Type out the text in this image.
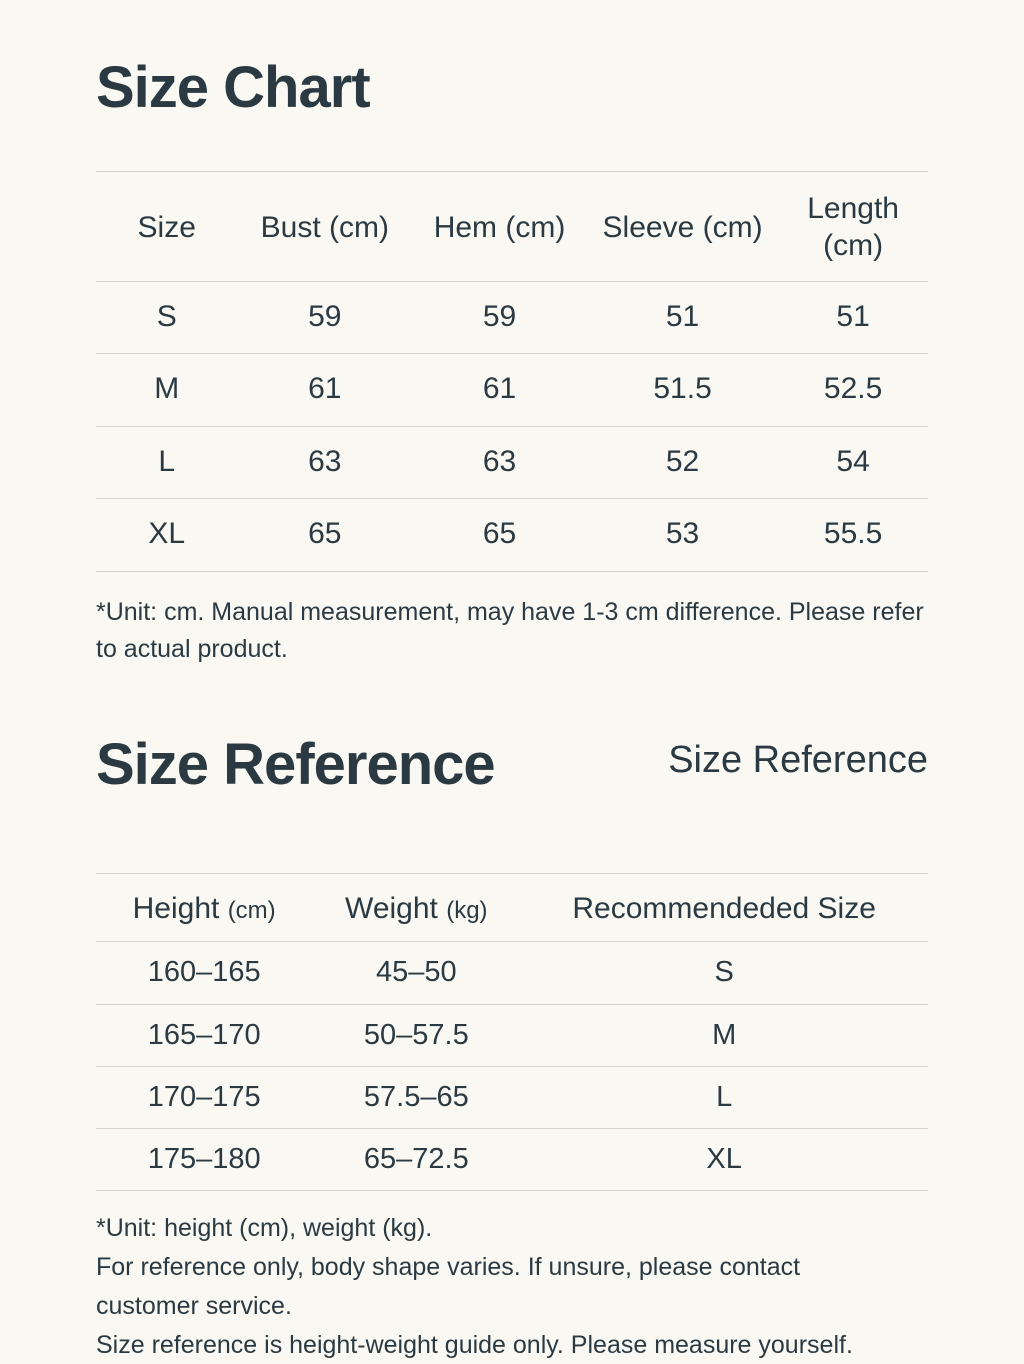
Size Chart
Size	Bust (cm)	Hem (cm)	Sleeve (cm)	Length (cm)
S	59	59	51	51
M	61	61	51.5	52.5
L	63	63	52	54
XL	65	65	53	55.5

*Unit: cm. Manual measurement, may have 1-3 cm difference. Please refer to actual product.

Size Reference	Size Reference
Height (cm)	Weight (kg)	Recommendeded Size
160–165	45–50	S
165–170	50–57.5	M
170–175	57.5–65	L
175–180	65–72.5	XL
*Unit: height (cm), weight (kg).
For reference only, body shape varies. If unsure, please contact
customer service.
Size reference is height-weight guide only. Please measure yourself.
